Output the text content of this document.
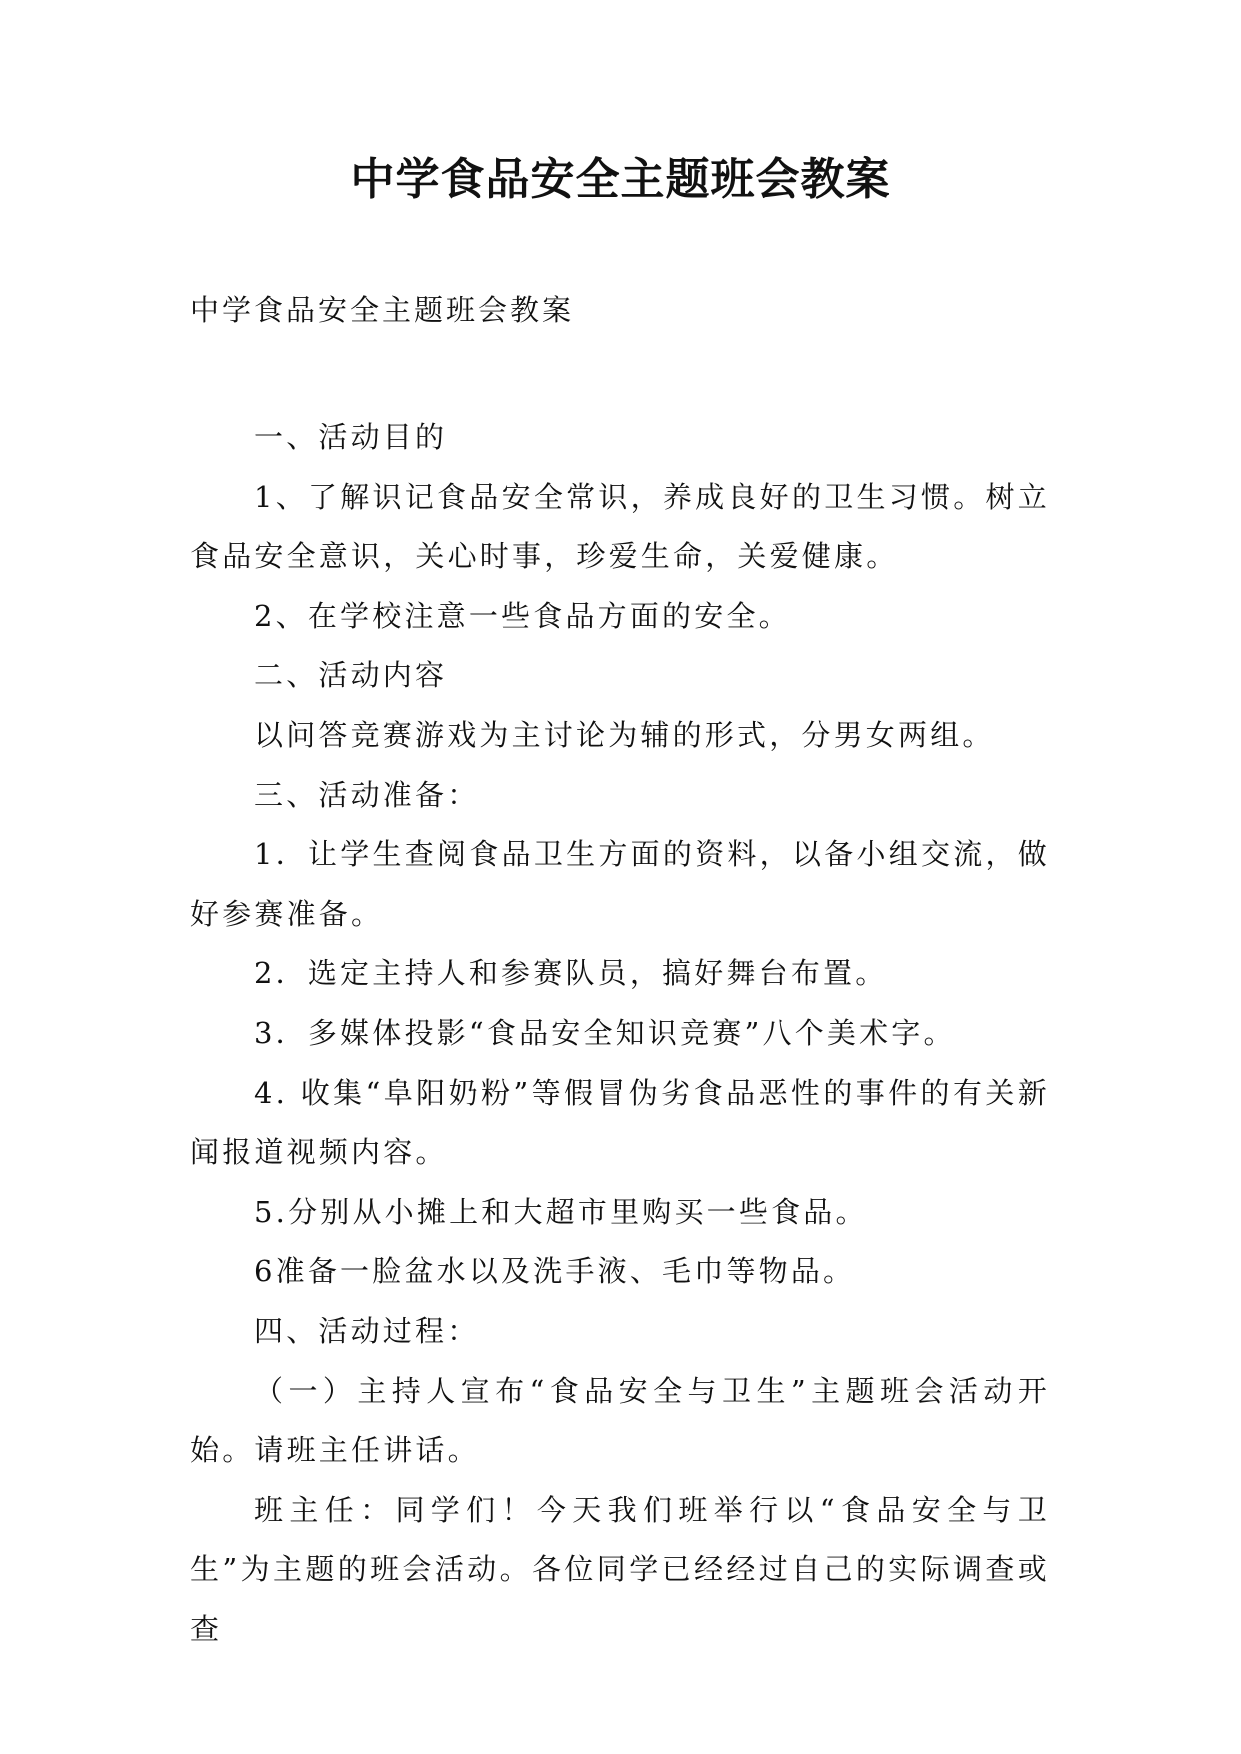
中学食品安全主题班会教案

中学食品安全主题班会教案

一、活动目的

1、了解识记食品安全常识，养成良好的卫生习惯。树立食品安全意识，关心时事，珍爱生命，关爱健康。

2、在学校注意一些食品方面的安全。

二、活动内容

以问答竞赛游戏为主讨论为辅的形式，分男女两组。

三、活动准备：

1．让学生查阅食品卫生方面的资料，以备小组交流，做好参赛准备。

2．选定主持人和参赛队员，搞好舞台布置。

3．多媒体投影“食品安全知识竞赛”八个美术字。

4. 收集“阜阳奶粉”等假冒伪劣食品恶性的事件的有关新闻报道视频内容。

5.分别从小摊上和大超市里购买一些食品。

6准备一脸盆水以及洗手液、毛巾等物品。

四、活动过程：

（一）主持人宣布“食品安全与卫生”主题班会活动开始。请班主任讲话。

班主任：同学们！今天我们班举行以“食品安全与卫生”为主题的班会活动。各位同学已经经过自己的实际调查或查
